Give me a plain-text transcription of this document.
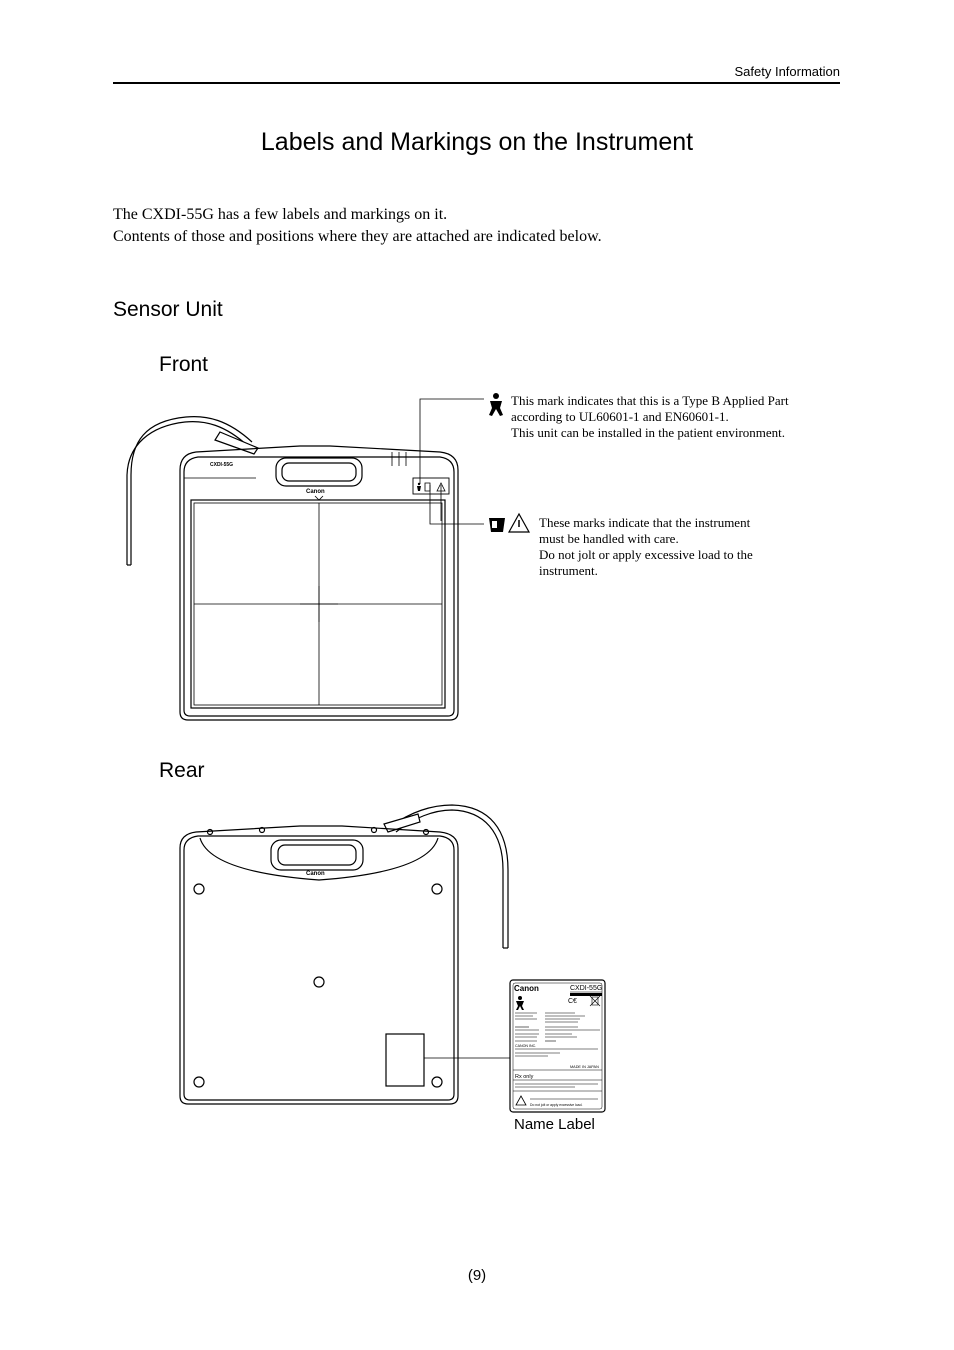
Safety Information
Labels and Markings on the Instrument
The CXDI-55G has a few labels and markings on it.
Contents of those and positions where they are attached are indicated below.
Sensor Unit
Front
Rear
This mark indicates that this is a Type B Applied Part
according to UL60601-1 and EN60601-1.
This unit can be installed in the patient environment.
These marks indicate that the instrument
must be handled with care.
Do not jolt or apply excessive load to the
instrument.
CXDI-55G
Canon
Canon
Canon	CXDI-55G
C€
CANON INC.
MADE IN JAPAN
Rx only
Do not jolt or apply excessive load.
Name Label
(9)
